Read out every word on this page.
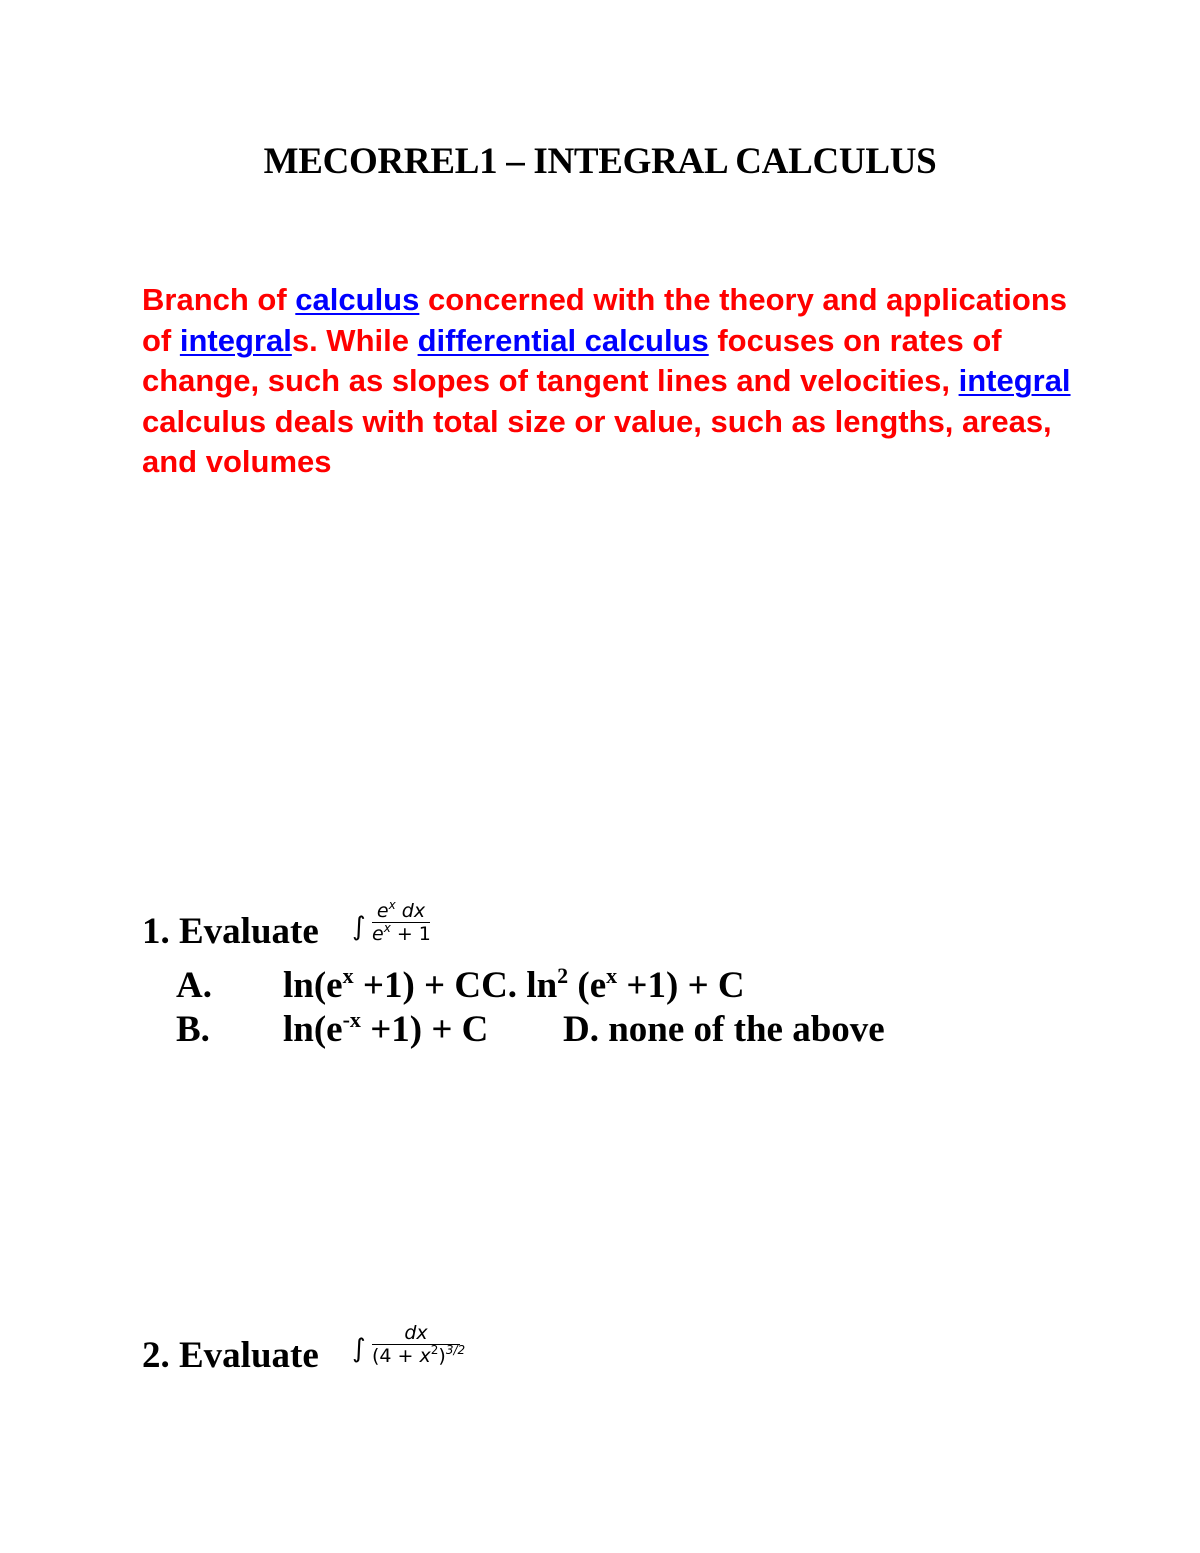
MECORREL1 – INTEGRAL CALCULUS
Branch of calculus concerned with the theory and applications of integrals. While differential calculus focuses on rates of change, such as slopes of tangent lines and velocities, integral calculus deals with total size or value, such as lengths, areas, and volumes
1. Evaluate ∫
$e^x$ dx
$e^x + 1$
A. $\ln(e^x +1)$ + CC. $\ln^2 (e^x +1) + C$
B. $\ln(e^{-x} +1) + C$ D. none of the above
2. Evaluate ∫
dx
$(4 + x^2)^{3/2}$
